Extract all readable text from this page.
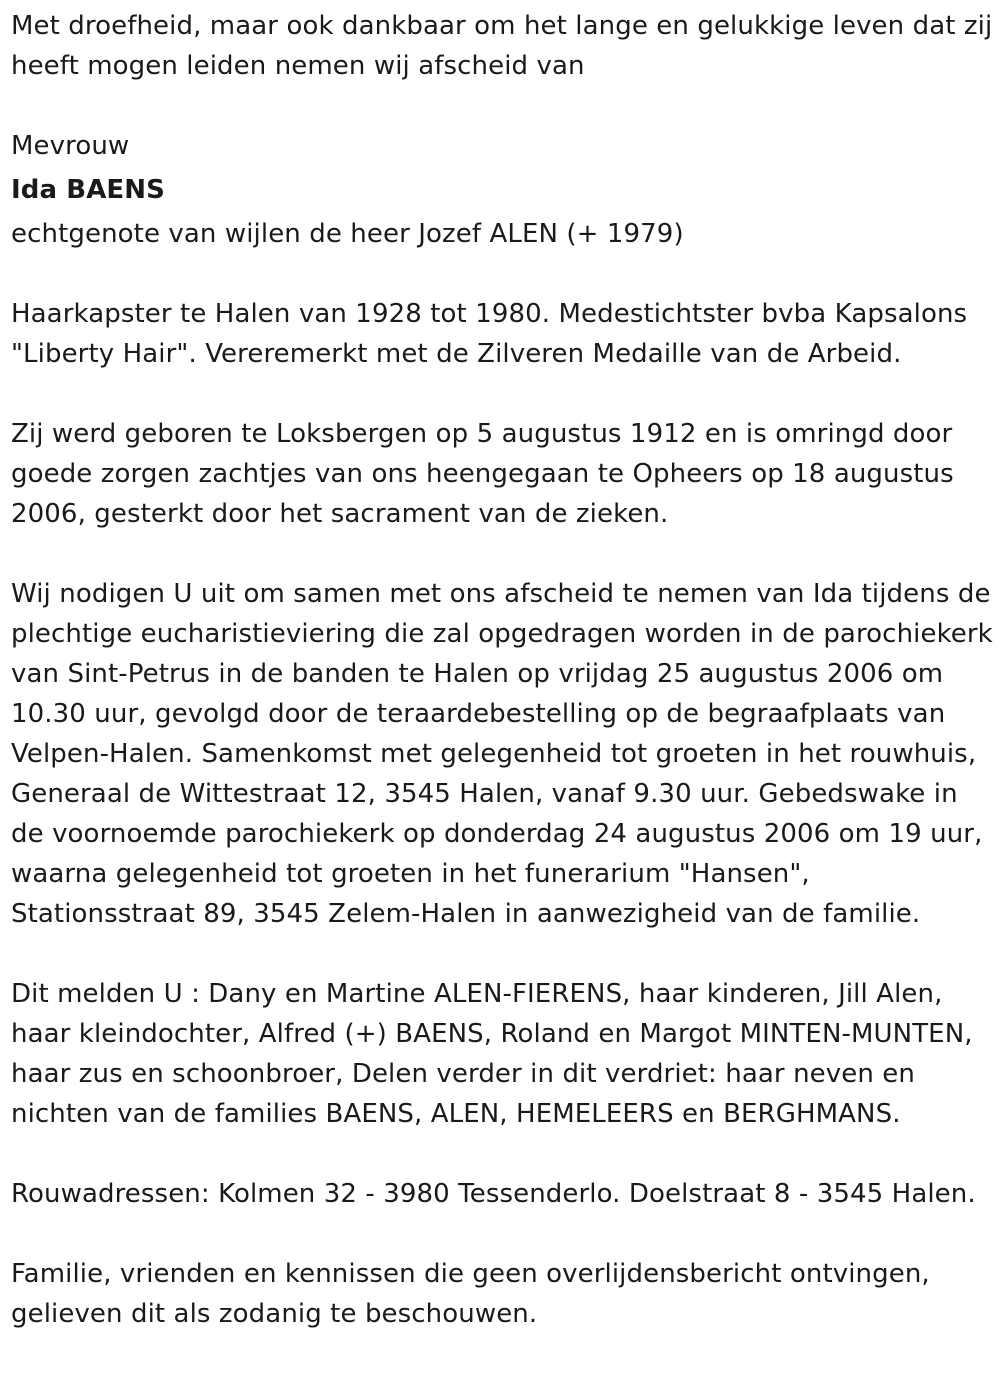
Met droefheid, maar ook dankbaar om het lange en gelukkige leven dat zij heeft mogen leiden nemen wij afscheid van

Mevrouw

Ida BAENS

echtgenote van wijlen de heer Jozef ALEN (+ 1979)

Haarkapster te Halen van 1928 tot 1980. Medestichtster bvba Kapsalons "Liberty Hair". Vereremerkt met de Zilveren Medaille van de Arbeid.

Zij werd geboren te Loksbergen op 5 augustus 1912 en is omringd door goede zorgen zachtjes van ons heengegaan te Opheers op 18 augustus 2006, gesterkt door het sacrament van de zieken.

Wij nodigen U uit om samen met ons afscheid te nemen van Ida tijdens de plechtige eucharistieviering die zal opgedragen worden in de parochiekerk van Sint-Petrus in de banden te Halen op vrijdag 25 augustus 2006 om 10.30 uur, gevolgd door de teraardebestelling op de begraafplaats van Velpen-Halen. Samenkomst met gelegenheid tot groeten in het rouwhuis, Generaal de Wittestraat 12, 3545 Halen, vanaf 9.30 uur. Gebedswake in de voornoemde parochiekerk op donderdag 24 augustus 2006 om 19 uur, waarna gelegenheid tot groeten in het funerarium "Hansen", Stationsstraat 89, 3545 Zelem-Halen in aanwezigheid van de familie.

Dit melden U : Dany en Martine ALEN-FIERENS, haar kinderen, Jill Alen, haar kleindochter, Alfred (+) BAENS, Roland en Margot MINTEN-MUNTEN, haar zus en schoonbroer, Delen verder in dit verdriet: haar neven en nichten van de families BAENS, ALEN, HEMELEERS en BERGHMANS.

Rouwadressen: Kolmen 32 - 3980 Tessenderlo. Doelstraat 8 - 3545 Halen.

Familie, vrienden en kennissen die geen overlijdensbericht ontvingen, gelieven dit als zodanig te beschouwen.
